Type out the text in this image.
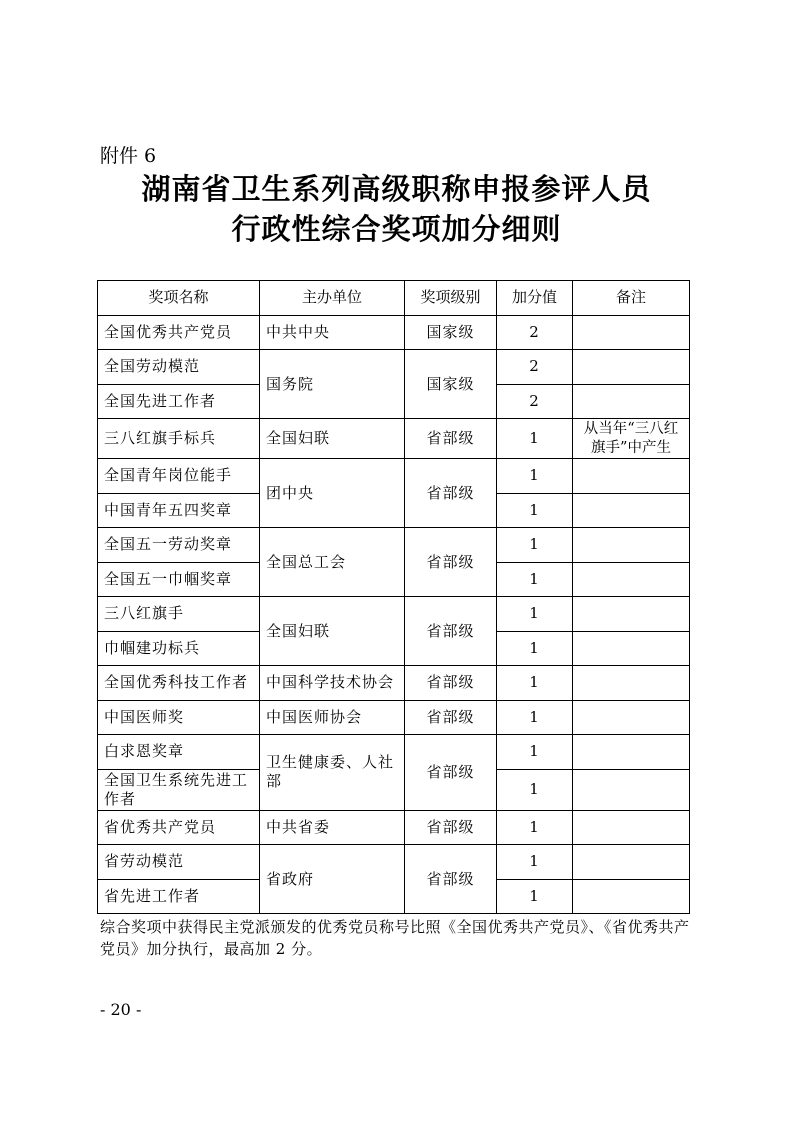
附件 6
湖南省卫生系列高级职称申报参评人员
行政性综合奖项加分细则
奖项名称	主办单位	奖项级别	加分值	备注
全国优秀共产党员	中共中央	国家级	2	
全国劳动模范	国务院	国家级	2	
全国先进工作者			2	
三八红旗手标兵	全国妇联	省部级	1	从当年“三八红旗手”中产生
全国青年岗位能手	团中央	省部级	1	
中国青年五四奖章			1	
全国五一劳动奖章	全国总工会	省部级	1	
全国五一巾帼奖章			1	
三八红旗手	全国妇联	省部级	1	
巾帼建功标兵			1	
全国优秀科技工作者	中国科学技术协会	省部级	1	
中国医师奖	中国医师协会	省部级	1	
白求恩奖章	卫生健康委、人社部	省部级	1	
全国卫生系统先进工作者			1	
省优秀共产党员	中共省委	省部级	1	
省劳动模范	省政府	省部级	1	
省先进工作者			1	
综合奖项中获得民主党派颁发的优秀党员称号比照《全国优秀共产党员》、《省优秀共产党员》加分执行，最高加 2 分。
- 20 -
